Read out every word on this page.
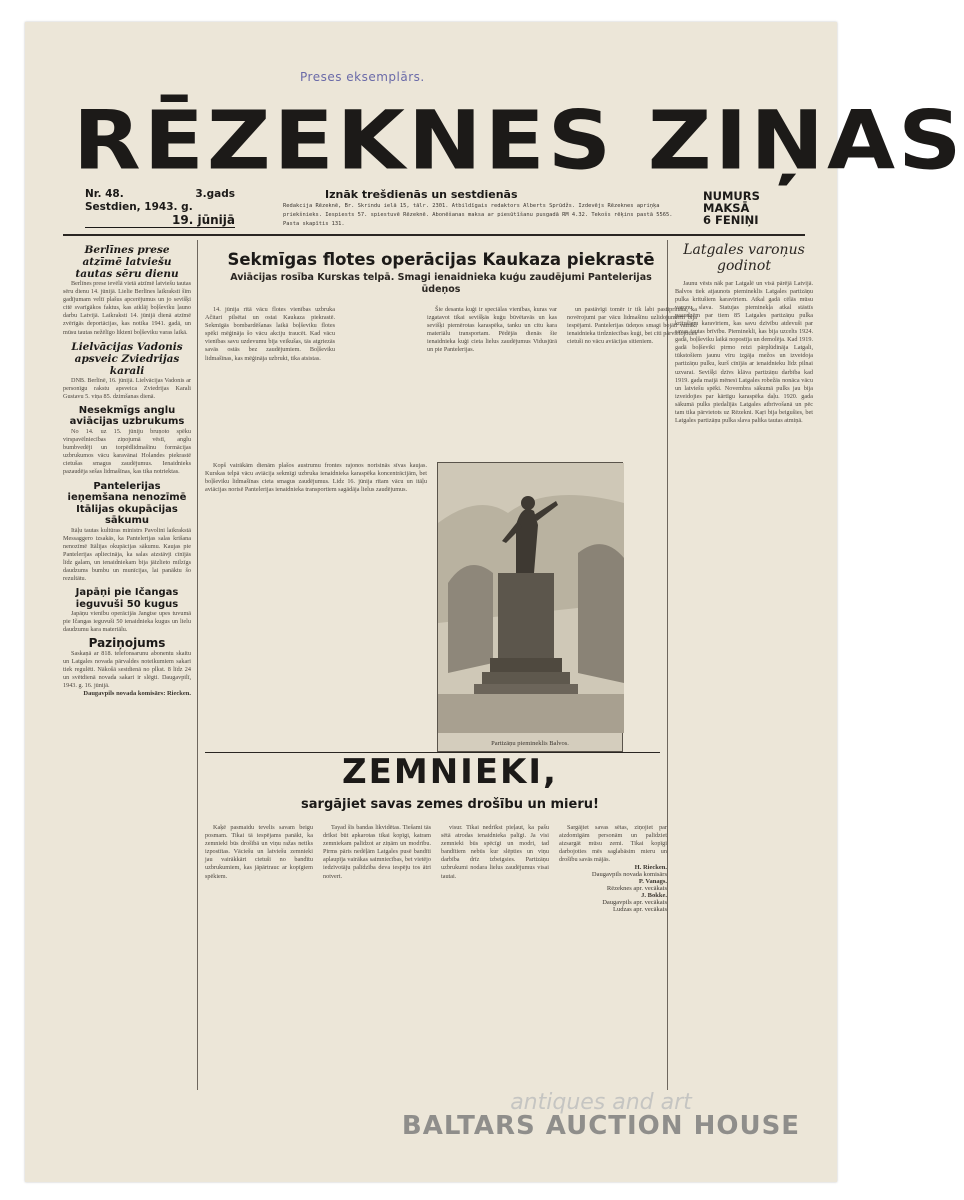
Preses eksemplārs.
RĒZEKNES ZIŅAS
Nr. 48.	3.gads
Sestdien, 1943. g.
19. jūnijā
Iznāk trešdienās un sestdienās
Redakcija Rēzeknē, Br. Skrindu ielā 15, tālr. 2301. Atbildīgais redaktors Alberts Sprūdžs. Izdevējs Rēzeknes apriņķa priekšnieks. Iespiests 57. spiestuvē Rēzeknē. Abonēšanas maksa ar piesūtīšanu pusgadā RM 4.32. Tekošs rēķins pastā 5565. Pasta skapītis 131.
NUMURS
MAKSĀ
6 FENIŅI
Berlīnes prese atzīmē latviešu tautas sēru dienu
Berlīnes prese ievēlā vietā atzīmē latviešu tautas sēru dienu 14. jūnijā. Lielie Berlīnes laikraksti šīm gadījumam veltī plašus apcerējumus un jo sevišķi citē svarīgākos faktus, kas atklāj boļševiku ļauno darbu Latvijā. Laikraksti 14. jūnijā dienā atzīmē zvērīgās deportācijas, kas notika 1941. gadā, un mūsu tautas nežēlīgo liktenī boļševiku varas laikā.
Lielvācijas Vadonis apsveic Zviedrijas karali
DNB. Berlīnē, 16. jūnijā. Lielvācijas Vadonis ar personīgu rakstu apsveica Zviedrijas Karali Gustavu 5. viņa 85. dzimšanas dienā.
Nesekmīgs anglu aviācijas uzbrukums
No 14. uz 15. jūniju bruņoto spēku virspavēlniecības ziņojumā vēstī, anglu bumbvedēji un torpēdlidmašīnu formācijas uzbrukumos vācu karavānai Holandes piekrastē cietušas smagus zaudējumus. Ienaidnieks pazaudēja sešas lidmašīnas, kas tika notriektas.
Pantelerijas ieņemšana nenozīmē Itālijas okupācijas sākumu
Itāļu tautas kultūras ministrs Pavolini laikrakstā Messaggero izsakās, ka Pantelerijas salas krišana nenozīmē Itālijas okupācijas sākumu. Kaujas pie Pantelerijas apliecināja, ka salas aizstāvji cīnījās līdz galam, un ienaidniekam bija jāizlieto milzīgs daudzums bumbu un munīcijas, lai panāktu šo rezultātu.
Japāņi pie Ičangas ieguvuši 50 kugus
Japāņu vienību operācijās Jangtse upes tuvumā pie Ičangas ieguvuši 50 ienaidnieka kugus un lielu daudzumu kara materiālu.
Paziņojums
Saskaņā ar 818. telefonsarunu abonentu skaitu un Latgales novada pārvaldes noteikumiem sakari tiek regulēti. Nākošā sestdienā no plkst. 8 līdz 24 un svētdienā novada sakari ir slēgti. Daugavpilī, 1943. g. 16. jūnijā.
Daugavpils novada komisārs: Riecken.
Sekmīgas flotes operācijas Kaukaza piekrastē
Aviācijas rosība Kurskas telpā. Smagi ienaidnieka kuģu zaudējumi Pantelerijas ūdeņos
14. jūnija rītā vācu flotes vienības uzbruka Ačitari pilsētai un ostai Kaukaza piekrastē. Sekmīgās bombardēšanas laikā boļševiku flotes spēki mēģināja šo vācu akciju traucēt. Kad vācu vienības savu uzdevumu bija veikušas, tās atgriezās savās ostās bez zaudējumiem. Boļševiku lidmašīnas, kas mēģināja uzbrukt, tika atsistas.
Šie desanta kuģi ir speciālas vienības, kuras var izgatavot tikai sevišķās kuģu būvētavās un kas sevišķi piemērotas karaspēka, tanku un citu kara materiālu transportam. Pēdējās dienās šie ienaidnieka kuģi cieta lielus zaudējumus Vidusjūrā un pie Pantelerijas.
un pastāvīgi tomēr ir tik labi pastiprināta, ka novērojumi par vācu lidmašīnu uzlidojumiem bija iespējami. Pantelerijas ūdeņos smagi bojāti vairāki ienaidnieka tirdzniecības kuģi, bet citi pārvietojoties cietuši no vācu aviācijas sitieniem.
Kopš vairākām dienām plašos austrumu frontes rajonos norisinās sīvas kaujas. Kurskas telpā vācu aviācija sekmīgi uzbruka ienaidnieka karaspēka koncentrācijām, bet boļševiku lidmašīnas cieta smagus zaudējumus. Lidz 16. jūnija rītam vācu un itāļu aviācijas norisē Pantelerijas ienaidnieka transportiem sagādāja lielus zaudējumus.
Partizāņu piemineklis Balvos.
Latgales varoņus godinot
Jaunu vēsts nāk par Latgalē un visā pārējā Latvijā. Balvos tiek atjaunots piemineklis Latgales partizāņu pulka kritušiem karavīriem. Atkal gadā cēlās mūsu varoņu slava. Statujas pieminekļa atkal stāstīs paaudzēm par tiem 85 Latgales partizāņu pulka kritušiem karavīriem, kas savu dzīvību atdevuši par savas tautas brīvību. Pieminekli, kas bija uzcelts 1924. gadā, boļševiku laikā nopostīja un demolēja. Kad 1919. gadā boļševiki pirmo reizi pārplūdināja Latgali, tūkstošiem jaunu vīru izgāja mežos un izveidoja partizāņu pulku, kurš cīnījās ar ienaidnieku līdz pilnai uzvarai. Sevišķi dzīvs klāva partizāņu darbība kad 1919. gada maijā mēnesī Latgales robežās nonāca vācu un latviešu spēki. Novembra sākumā pulks jau bija izveidojies par kārtīgu karaspēka daļu. 1920. gada sākumā pulks piedalījās Latgales atbrīvošanā un pēc tam tika pārvietots uz Rēzekni. Kaŗi bija beigušies, bet Latgales partizāņu pulka slava palika tautas atmiņā.
ZEMNIEKI,
sargājiet savas zemes drošību un mieru!
Kaķē pasmaidu tevelis savam beigu posmam. Tikai tā iespējams panākt, ka zemnieki būs drošībā un viņu ražas netiks izpostītas. Vāciešu un latviešu zemnieki jau vairākkārt cietuši no bandītu uzbrukumiem, kas jāpārtrauc ar kopīgiem spēkiem.
Tayad šīs bandas likvidētas. Tiešami tās drīkst būt apkarotas tikai kopīgi, katram zemniekam palīdzot ar ziņām un modrību. Pirms pāris nedēļām Latgales pusē bandīti aplaupīja vairākas saimniecības, bet vietējo iedzīvotāju palīdzība deva iespēju tos ātri notvert.
visur. Tikai nedrīkst pieļaut, ka pašu sētā atrodas ienaidnieka palīgi. Ja visi zemnieki būs spēcīgi un modri, tad bandītiem nebūs kur slēpties un viņu darbība drīz izbeigsies. Partizāņu uzbrukumi nodara lielus zaudējumus visai tautai.
Sargājiet savas sētas, ziņojiet par aizdomīgām personām un palīdziet aizsargāt mūsu zemi. Tikai kopīgi darbojoties mēs saglabāsim mieru un drošību savās mājās.
H. Riecken.
Daugavpils novada komisārs
P. Vanags.
Rēzeknes apr. vecākais
J. Bokke.
Daugavpils apr. vecākais
Ludzas apr. vecākais
antiques and art
BALTARS AUCTION HOUSE
